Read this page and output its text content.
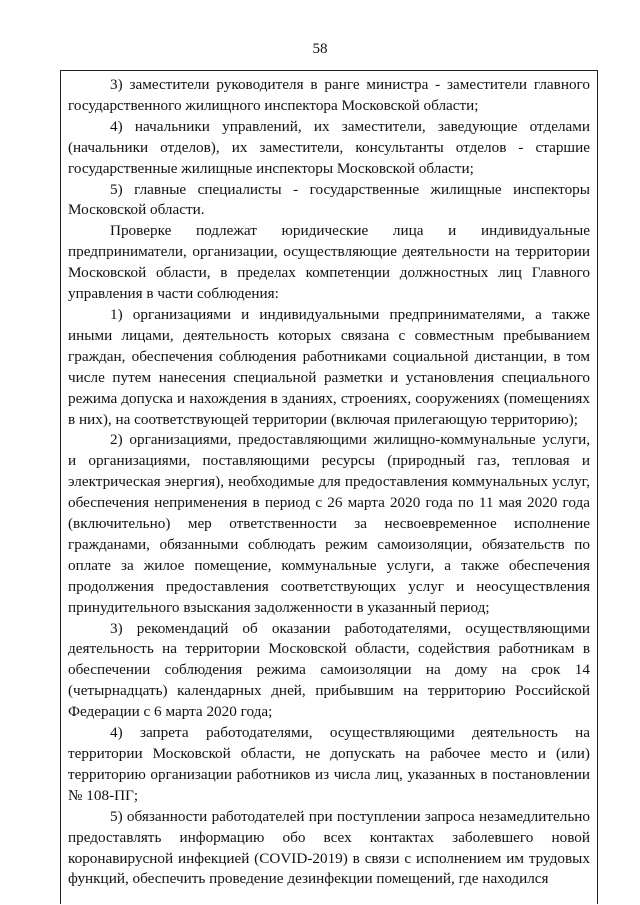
58

3) заместители руководителя в ранге министра - заместители главного государственного жилищного инспектора Московской области;

4) начальники управлений, их заместители, заведующие отделами (начальники отделов), их заместители, консультанты отделов - старшие государственные жилищные инспекторы Московской области;

5) главные специалисты - государственные жилищные инспекторы Московской области.

Проверке подлежат юридические лица и индивидуальные предприниматели, организации, осуществляющие деятельности на территории Московской области, в пределах компетенции должностных лиц Главного управления в части соблюдения:

1) организациями и индивидуальными предпринимателями, а также иными лицами, деятельность которых связана с совместным пребыванием граждан, обеспечения соблюдения работниками социальной дистанции, в том числе путем нанесения специальной разметки и установления специального режима допуска и нахождения в зданиях, строениях, сооружениях (помещениях в них), на соответствующей территории (включая прилегающую территорию);

2) организациями, предоставляющими жилищно-коммунальные услуги, и организациями, поставляющими ресурсы (природный газ, тепловая и электрическая энергия), необходимые для предоставления коммунальных услуг, обеспечения неприменения в период с 26 марта 2020 года по 11 мая 2020 года (включительно) мер ответственности за несвоевременное исполнение гражданами, обязанными соблюдать режим самоизоляции, обязательств по оплате за жилое помещение, коммунальные услуги, а также обеспечения продолжения предоставления соответствующих услуг и неосуществления принудительного взыскания задолженности в указанный период;

3) рекомендаций об оказании работодателями, осуществляющими деятельность на территории Московской области, содействия работникам в обеспечении соблюдения режима самоизоляции на дому на срок 14 (четырнадцать) календарных дней, прибывшим на территорию Российской Федерации с 6 марта 2020 года;

4) запрета работодателями, осуществляющими деятельность на территории Московской области, не допускать на рабочее место и (или) территорию организации работников из числа лиц, указанных в постановлении № 108-ПГ;

5) обязанности работодателей при поступлении запроса незамедлительно предоставлять информацию обо всех контактах заболевшего новой коронавирусной инфекцией (COVID-2019) в связи с исполнением им трудовых функций, обеспечить проведение дезинфекции помещений, где находился
